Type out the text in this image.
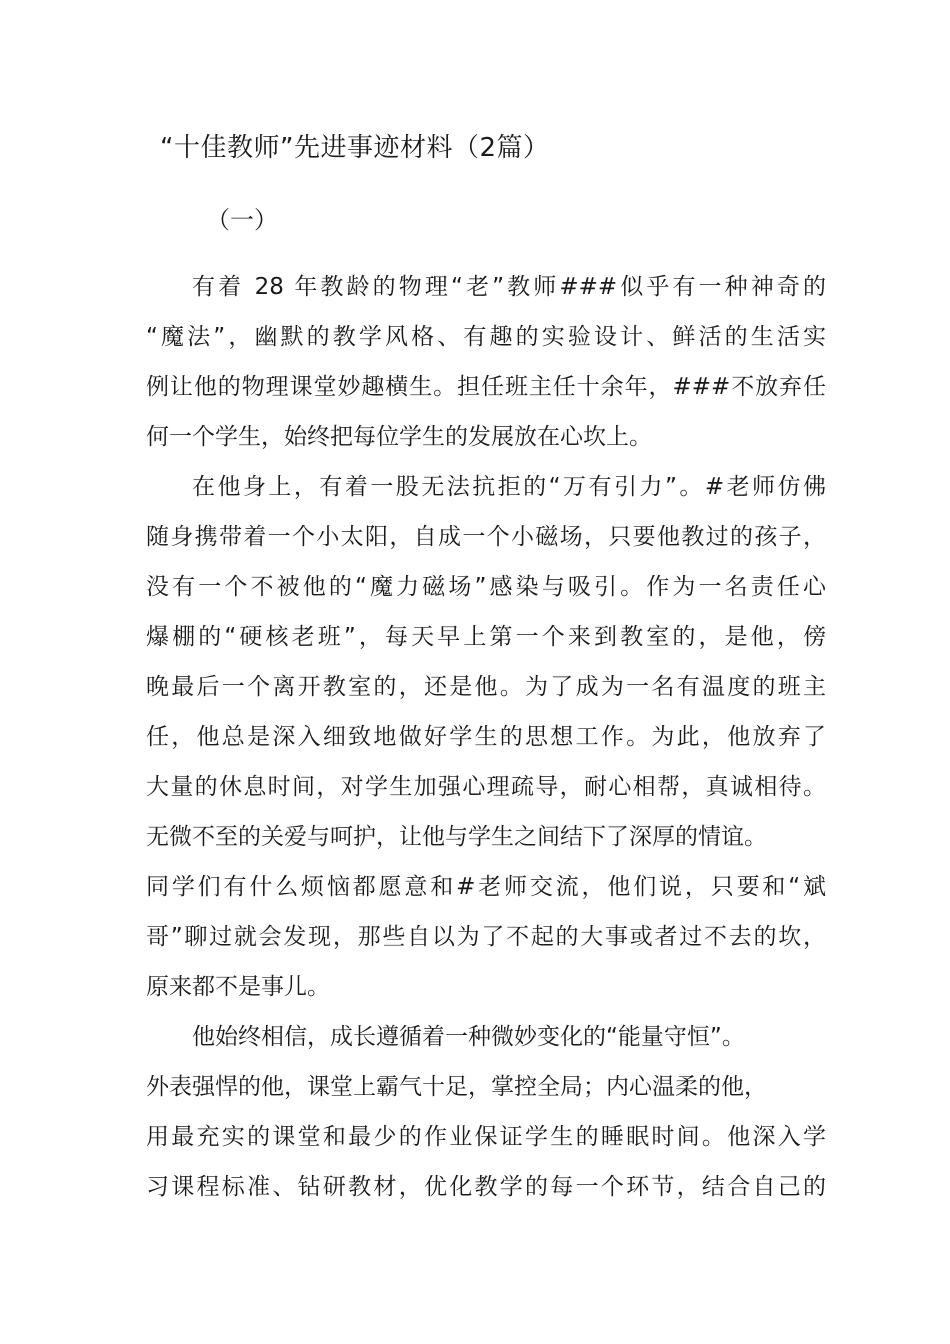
“十佳教师”先进事迹材料（2篇）
（一）
有着 28 年教龄的物理“老”教师###似乎有一种神奇的
“魔法”，幽默的教学风格、有趣的实验设计、鲜活的生活实
例让他的物理课堂妙趣横生。担任班主任十余年，###不放弃任
何一个学生，始终把每位学生的发展放在心坎上。
在他身上，有着一股无法抗拒的“万有引力”。#老师仿佛
随身携带着一个小太阳，自成一个小磁场，只要他教过的孩子，
没有一个不被他的“魔力磁场”感染与吸引。作为一名责任心
爆棚的“硬核老班”，每天早上第一个来到教室的，是他，傍
晚最后一个离开教室的，还是他。为了成为一名有温度的班主
任，他总是深入细致地做好学生的思想工作。为此，他放弃了
大量的休息时间，对学生加强心理疏导，耐心相帮，真诚相待。
无微不至的关爱与呵护，让他与学生之间结下了深厚的情谊。
同学们有什么烦恼都愿意和#老师交流，他们说，只要和“斌
哥”聊过就会发现，那些自以为了不起的大事或者过不去的坎，
原来都不是事儿。
他始终相信，成长遵循着一种微妙变化的“能量守恒”。
外表强悍的他，课堂上霸气十足，掌控全局；内心温柔的他，
用最充实的课堂和最少的作业保证学生的睡眠时间。他深入学
习课程标准、钻研教材，优化教学的每一个环节，结合自己的
